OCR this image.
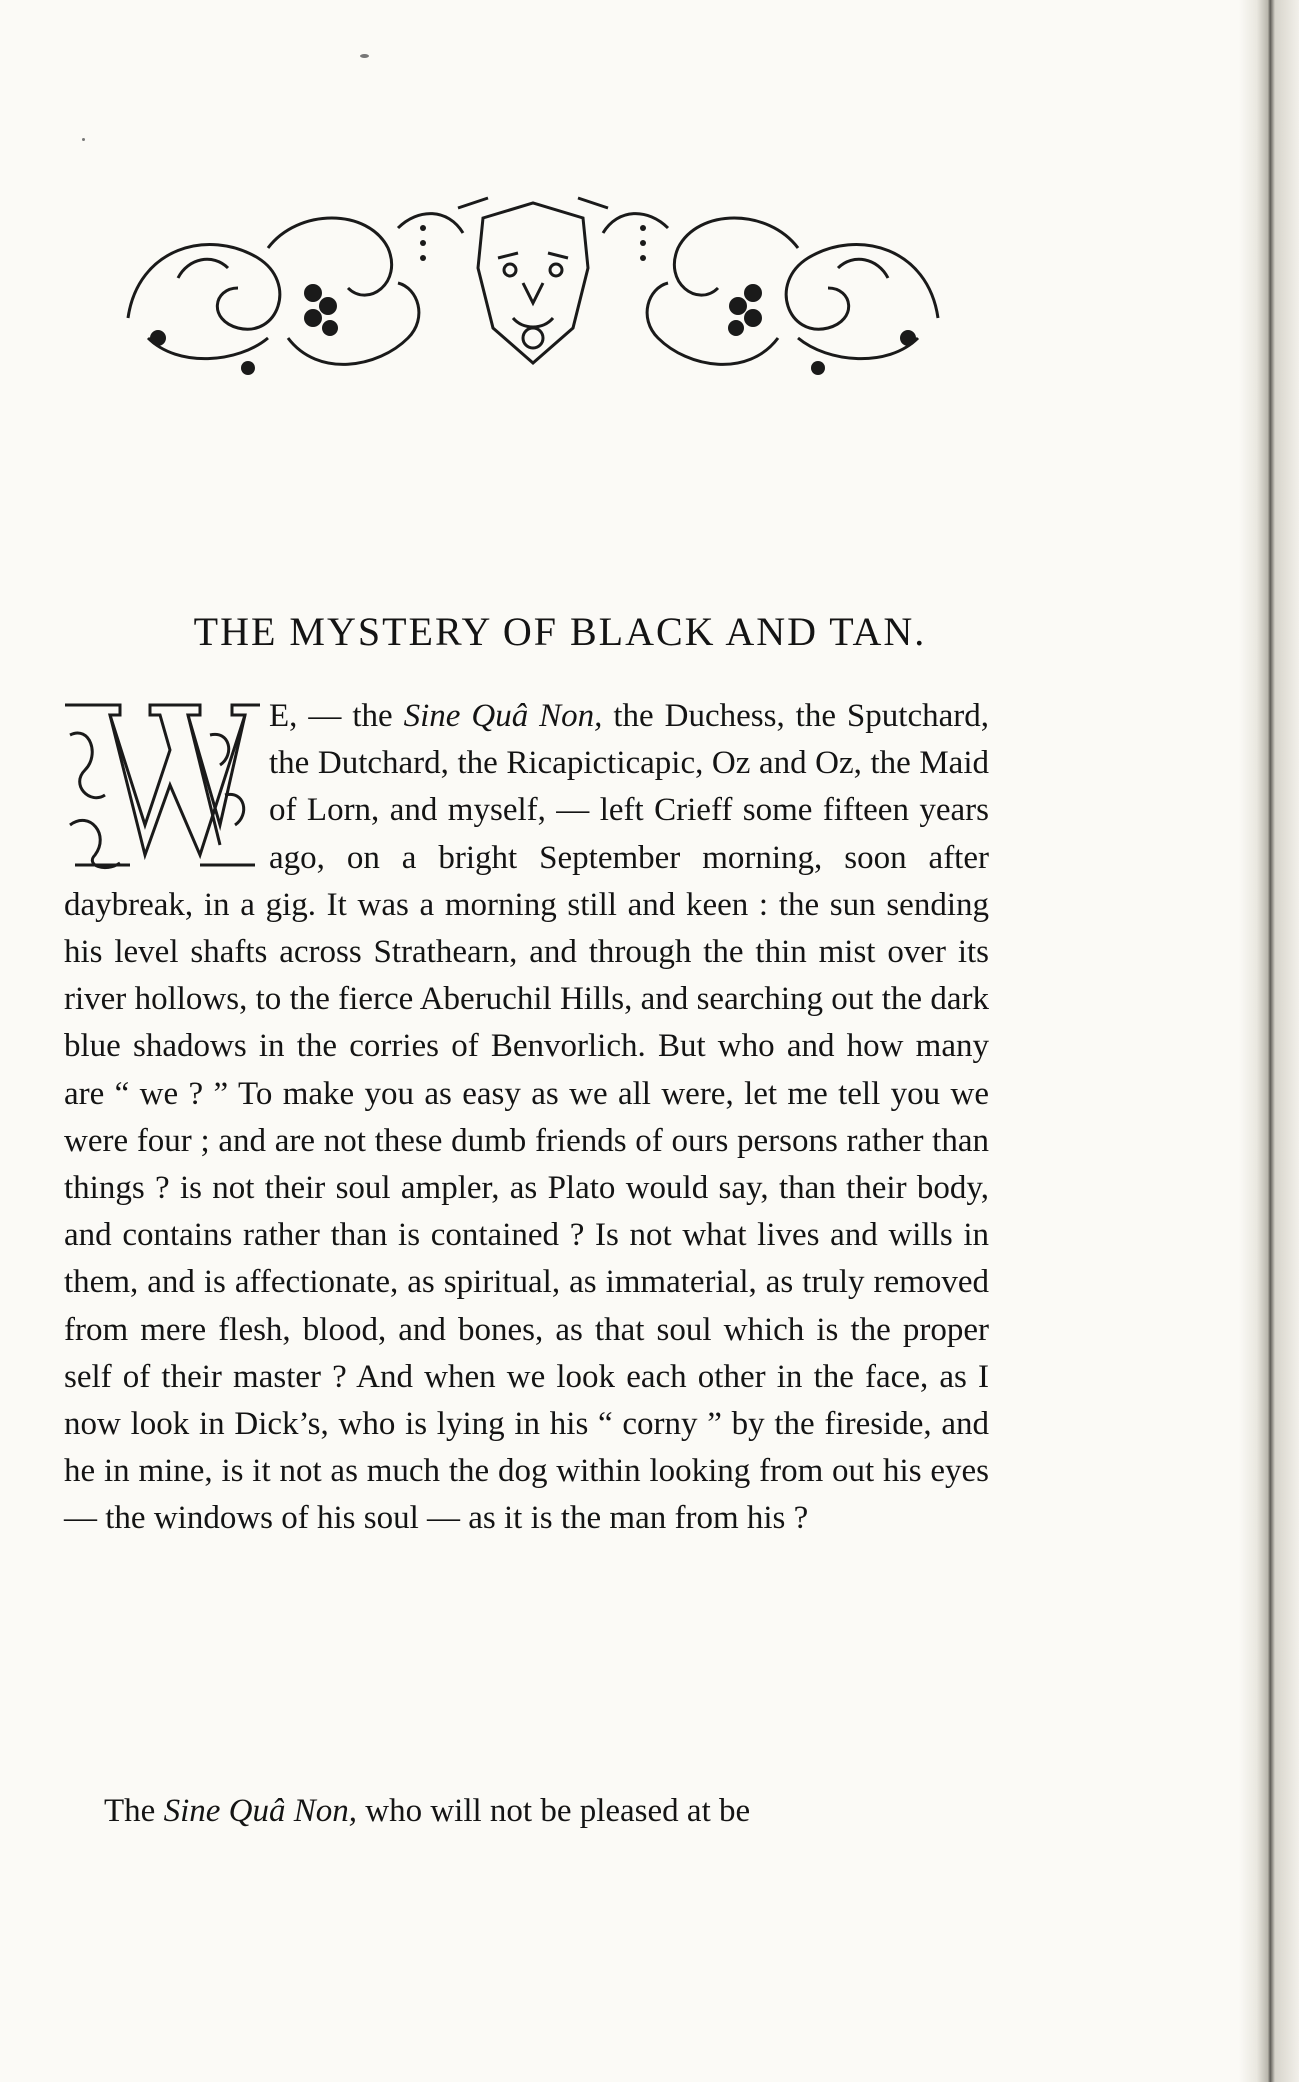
THE MYSTERY OF BLACK AND TAN.
W	E, — the Sine Quâ Non, the Duchess, the Sputchard, the Dutchard, the Ricapicticapic, Oz and Oz, the Maid of Lorn, and myself, — left Crieff some fifteen years ago, on a bright September morning, soon after daybreak, in a gig. It was a morning still and keen : the sun sending his level shafts across Strathearn, and through the thin mist over its river hollows, to the fierce Aberuchil Hills, and searching out the dark blue shadows in the corries of Benvorlich. But who and how many are “ we ? ” To make you as easy as we all were, let me tell you we were four ; and are not these dumb friends of ours persons rather than things ? is not their soul ampler, as Plato would say, than their body, and contains rather than is contained ? Is not what lives and wills in them, and is affectionate, as spiritual, as immaterial, as truly removed from mere flesh, blood, and bones, as that soul which is the proper self of their master ? And when we look each other in the face, as I now look in Dick’s, who is lying in his “ corny ” by the fireside, and he in mine, is it not as much the dog within looking from out his eyes — the windows of his soul — as it is the man from his ?

The Sine Quâ Non, who will not be pleased at be
